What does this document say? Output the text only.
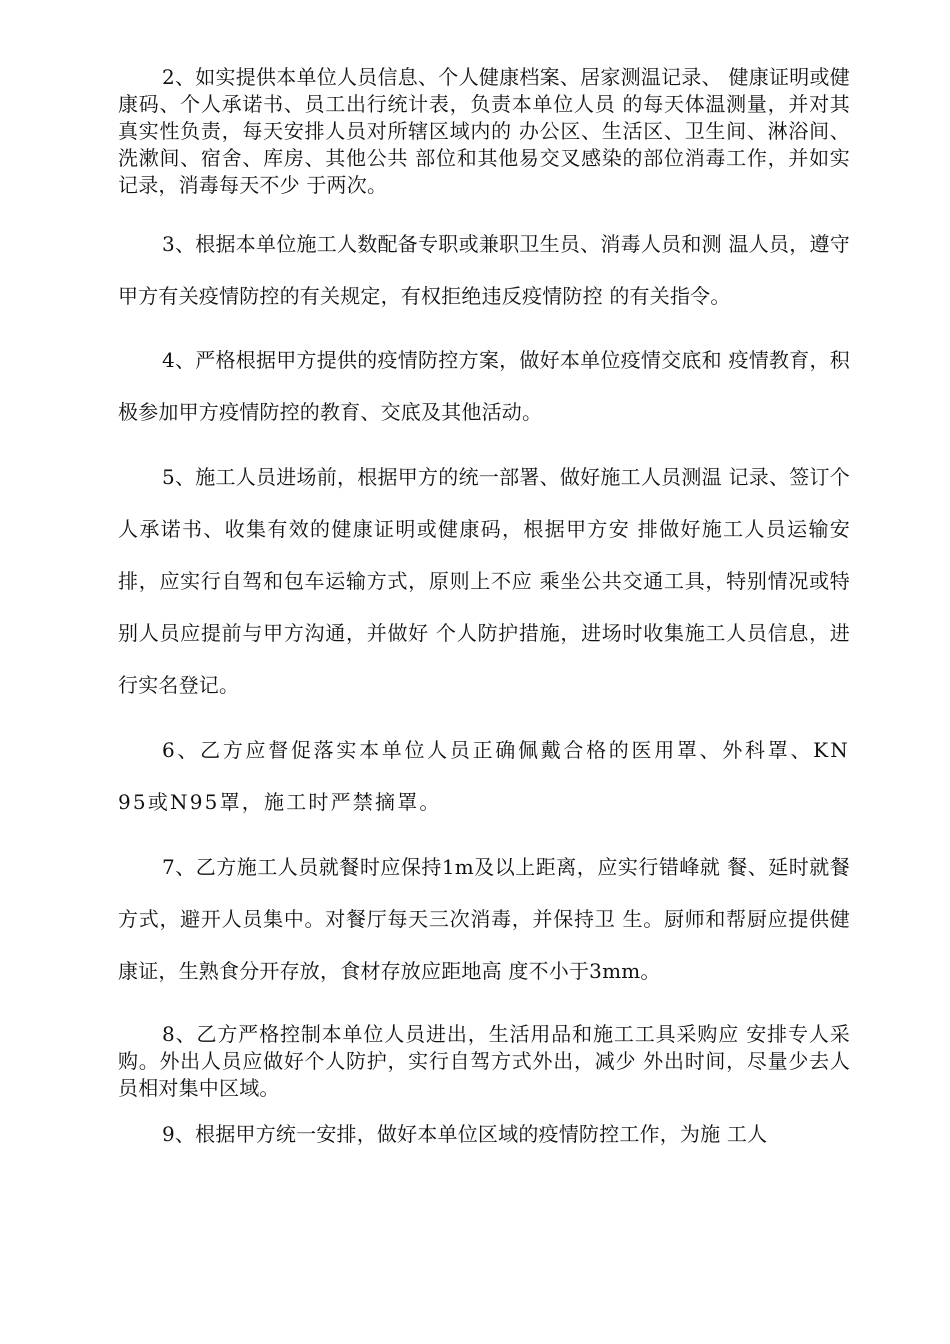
2、如实提供本单位人员信息、个人健康档案、居家测温记录、 健康证明或健康码、个人承诺书、员工出行统计表，负责本单位人员 的每天体温测量，并对其真实性负责，每天安排人员对所辖区域内的 办公区、生活区、卫生间、淋浴间、洗漱间、宿舍、库房、其他公共 部位和其他易交叉感染的部位消毒工作，并如实记录，消毒每天不少 于两次。

3、根据本单位施工人数配备专职或兼职卫生员、消毒人员和测 温人员，遵守甲方有关疫情防控的有关规定，有权拒绝违反疫情防控 的有关指令。

4、严格根据甲方提供的疫情防控方案，做好本单位疫情交底和 疫情教育，积极参加甲方疫情防控的教育、交底及其他活动。

5、施工人员进场前，根据甲方的统一部署、做好施工人员测温 记录、签订个人承诺书、收集有效的健康证明或健康码，根据甲方安 排做好施工人员运输安排，应实行自驾和包车运输方式，原则上不应 乘坐公共交通工具，特别情况或特别人员应提前与甲方沟通，并做好 个人防护措施，进场时收集施工人员信息，进行实名登记。

6、乙方应督促落实本单位人员正确佩戴合格的医用罩、外科罩、KN95或N95罩，施工时严禁摘罩。

7、乙方施工人员就餐时应保持1m及以上距离，应实行错峰就 餐、延时就餐方式，避开人员集中。对餐厅每天三次消毒，并保持卫 生。厨师和帮厨应提供健康证，生熟食分开存放，食材存放应距地高 度不小于3mm。

8、乙方严格控制本单位人员进出，生活用品和施工工具采购应 安排专人采购。外出人员应做好个人防护，实行自驾方式外出，减少 外出时间，尽量少去人员相对集中区域。

9、根据甲方统一安排，做好本单位区域的疫情防控工作，为施 工人
